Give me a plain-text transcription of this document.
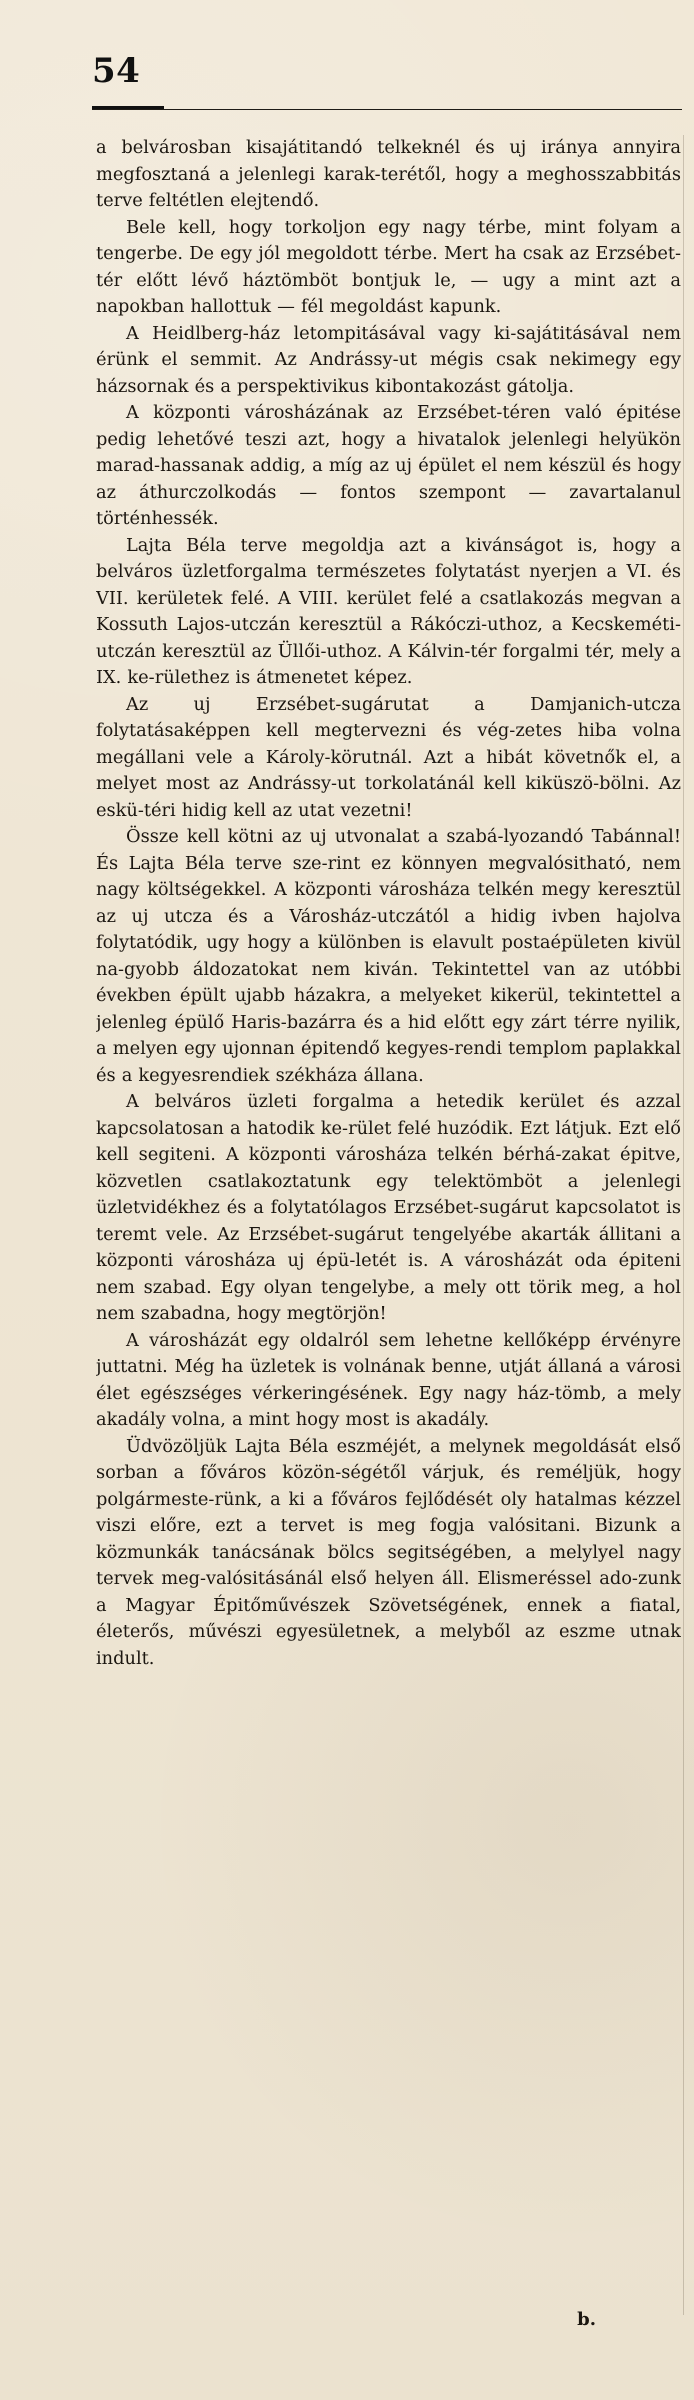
54

a belvárosban kisajátitandó telkeknél és uj iránya annyira megfosztaná a jelenlegi karak-terétől, hogy a meghosszabbitás terve feltétlen elejtendő.

Bele kell, hogy torkoljon egy nagy térbe, mint folyam a tengerbe. De egy jól megoldott térbe. Mert ha csak az Erzsébet-tér előtt lévő háztömböt bontjuk le, — ugy a mint azt a napokban hallottuk — fél megoldást kapunk.

A Heidlberg-ház letompitásával vagy ki-sajátitásával nem érünk el semmit. Az Andrássy-ut mégis csak nekimegy egy házsornak és a perspektivikus kibontakozást gátolja.

A központi városházának az Erzsébet-téren való épitése pedig lehetővé teszi azt, hogy a hivatalok jelenlegi helyükön marad-hassanak addig, a míg az uj épület el nem készül és hogy az áthurczolkodás — fontos szempont — zavartalanul történhessék.

Lajta Béla terve megoldja azt a kivánságot is, hogy a belváros üzletforgalma természetes folytatást nyerjen a VI. és VII. kerületek felé. A VIII. kerület felé a csatlakozás megvan a Kossuth Lajos-utczán keresztül a Rákóczi-uthoz, a Kecskeméti-utczán keresztül az Üllői-uthoz. A Kálvin-tér forgalmi tér, mely a IX. ke-rülethez is átmenetet képez.

Az uj Erzsébet-sugárutat a Damjanich-utcza folytatásaképpen kell megtervezni és vég-zetes hiba volna megállani vele a Károly-körutnál. Azt a hibát követnők el, a melyet most az Andrássy-ut torkolatánál kell kiküszö-bölni. Az eskü-téri hidig kell az utat vezetni!

Össze kell kötni az uj utvonalat a szabá-lyozandó Tabánnal! És Lajta Béla terve sze-rint ez könnyen megvalósitható, nem nagy költségekkel. A központi városháza telkén megy keresztül az uj utcza és a Városház-utczától a hidig ivben hajolva folytatódik, ugy hogy a különben is elavult postaépületen kivül na-gyobb áldozatokat nem kiván. Tekintettel van az utóbbi években épült ujabb házakra, a melyeket kikerül, tekintettel a jelenleg épülő Haris-bazárra és a hid előtt egy zárt térre nyilik, a melyen egy ujonnan épitendő kegyes-rendi templom paplakkal és a kegyesrendiek székháza állana.

A belváros üzleti forgalma a hetedik kerület és azzal kapcsolatosan a hatodik ke-rület felé huzódik. Ezt látjuk. Ezt elő kell segiteni. A központi városháza telkén bérhá-zakat épitve, közvetlen csatlakoztatunk egy telektömböt a jelenlegi üzletvidékhez és a folytatólagos Erzsébet-sugárut kapcsolatot is teremt vele. Az Erzsébet-sugárut tengelyébe akarták állitani a központi városháza uj épü-letét is. A városházát oda épiteni nem szabad. Egy olyan tengelybe, a mely ott törik meg, a hol nem szabadna, hogy megtörjön!

A városházát egy oldalról sem lehetne kellőképp érvényre juttatni. Még ha üzletek is volnának benne, utját állaná a városi élet egészséges vérkeringésének. Egy nagy ház-tömb, a mely akadály volna, a mint hogy most is akadály.

Üdvözöljük Lajta Béla eszméjét, a melynek megoldását első sorban a főváros közön-ségétől várjuk, és reméljük, hogy polgármeste-rünk, a ki a főváros fejlődését oly hatalmas kézzel viszi előre, ezt a tervet is meg fogja valósitani. Bizunk a közmunkák tanácsának bölcs segitségében, a melylyel nagy tervek meg-valósitásánál első helyen áll. Elismeréssel ado-zunk a Magyar Épitőművészek Szövetségének, ennek a fiatal, életerős, művészi egyesületnek, a melyből az eszme utnak indult.

b.
